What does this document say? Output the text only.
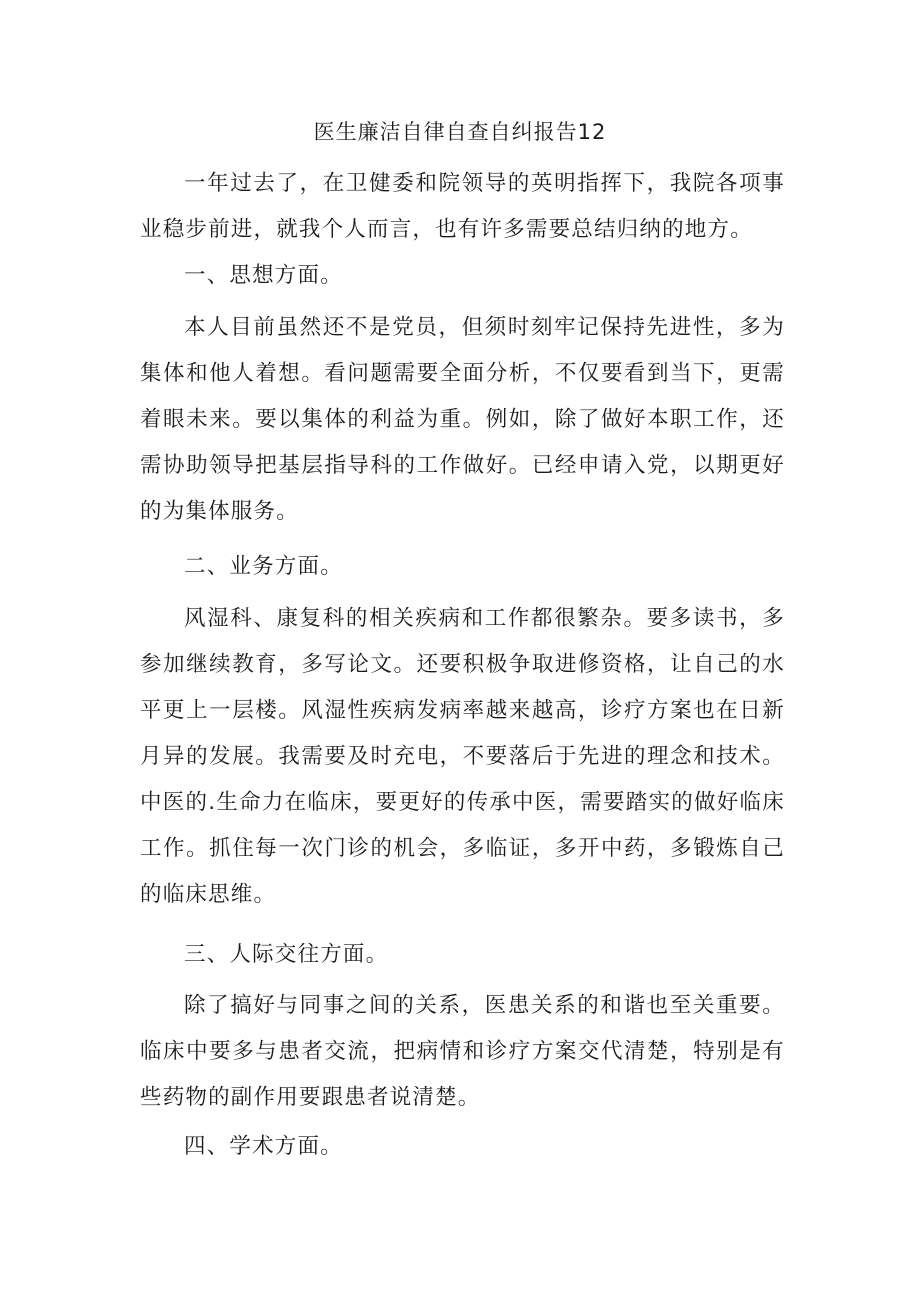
医生廉洁自律自查自纠报告12

一年过去了，在卫健委和院领导的英明指挥下，我院各项事业稳步前进，就我个人而言，也有许多需要总结归纳的地方。

一、思想方面。

本人目前虽然还不是党员，但须时刻牢记保持先进性，多为集体和他人着想。看问题需要全面分析，不仅要看到当下，更需着眼未来。要以集体的利益为重。例如，除了做好本职工作，还需协助领导把基层指导科的工作做好。已经申请入党，以期更好的为集体服务。

二、业务方面。

风湿科、康复科的相关疾病和工作都很繁杂。要多读书，多参加继续教育，多写论文。还要积极争取进修资格，让自己的水平更上一层楼。风湿性疾病发病率越来越高，诊疗方案也在日新月异的发展。我需要及时充电，不要落后于先进的理念和技术。中医的.生命力在临床，要更好的传承中医，需要踏实的做好临床工作。抓住每一次门诊的机会，多临证，多开中药，多锻炼自己的临床思维。

三、人际交往方面。

除了搞好与同事之间的关系，医患关系的和谐也至关重要。临床中要多与患者交流，把病情和诊疗方案交代清楚，特别是有些药物的副作用要跟患者说清楚。

四、学术方面。
